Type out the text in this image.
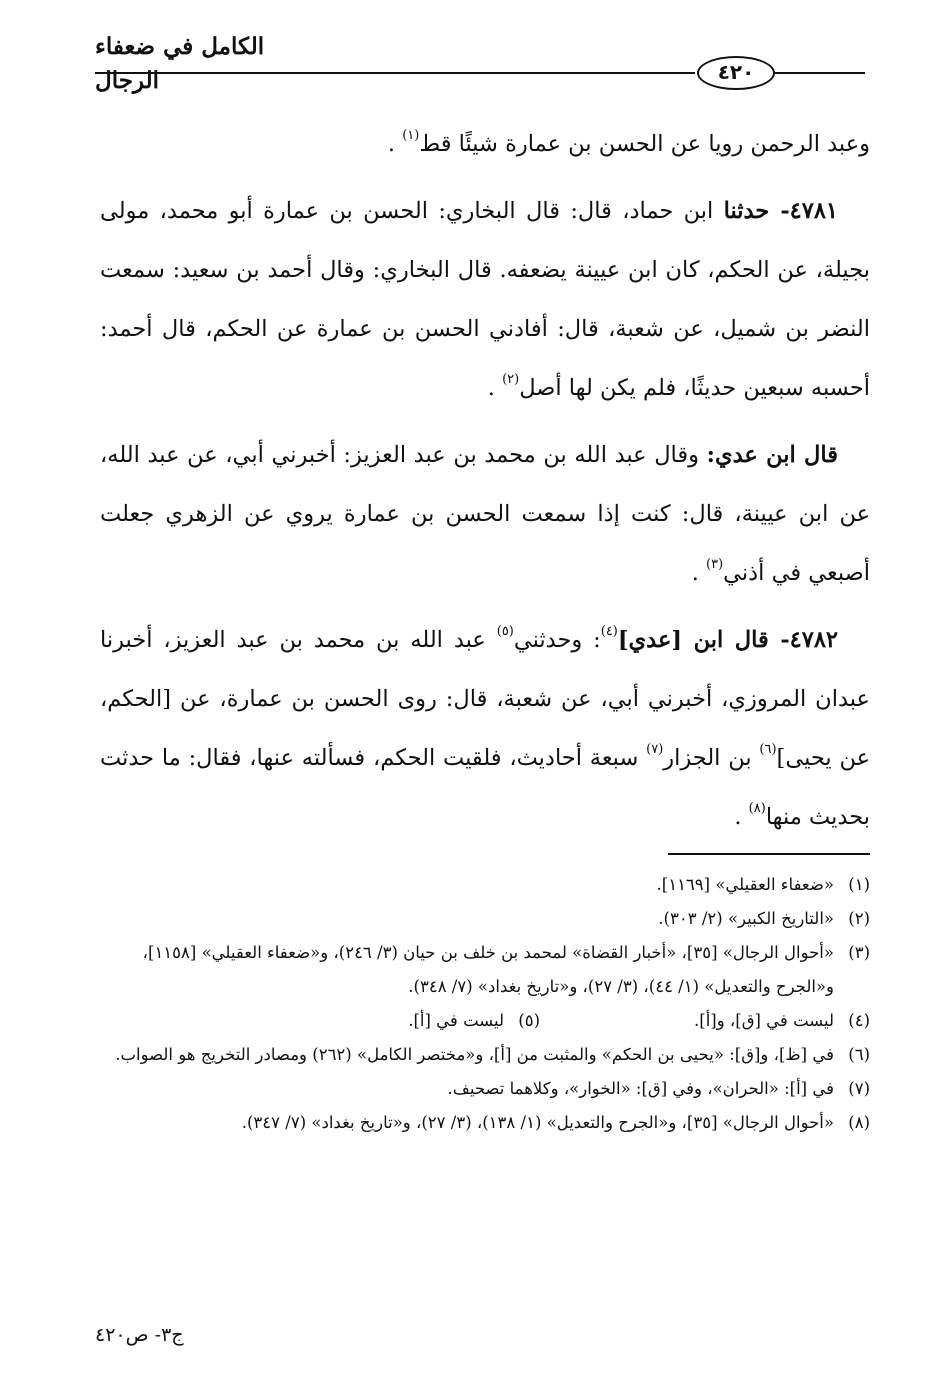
الكامل في ضعفاء الرجال	٤٢٠

وعبد الرحمن رويا عن الحسن بن عمارة شيئًا قط$^{(١)}$ .

٤٧٨١- حدثنا ابن حماد، قال: قال البخاري: الحسن بن عمارة أبو محمد، مولى بجيلة، عن الحكم، كان ابن عيينة يضعفه. قال البخاري: وقال أحمد بن سعيد: سمعت النضر بن شميل، عن شعبة، قال: أفادني الحسن بن عمارة عن الحكم، قال أحمد: أحسبه سبعين حديثًا، فلم يكن لها أصل$^{(٢)}$ .

قال ابن عدي: وقال عبد الله بن محمد بن عبد العزيز: أخبرني أبي، عن عبد الله، عن ابن عيينة، قال: كنت إذا سمعت الحسن بن عمارة يروي عن الزهري جعلت أصبعي في أذني$^{(٣)}$ .

٤٧٨٢- قال ابن [عدي]$^{(٤)}$: وحدثني$^{(٥)}$ عبد الله بن محمد بن عبد العزيز، أخبرنا عبدان المروزي، أخبرني أبي، عن شعبة، قال: روى الحسن بن عمارة، عن [الحكم، عن يحيى]$^{(٦)}$ بن الجزار$^{(٧)}$ سبعة أحاديث، فلقيت الحكم، فسألته عنها، فقال: ما حدثت بحديث منها$^{(٨)}$ .

(١)
«ضعفاء العقيلي» [١١٦٩].
(٢)
«التاريخ الكبير» (٢/ ٣٠٣).
(٣)
«أحوال الرجال» [٣٥]، «أخبار القضاة» لمحمد بن خلف بن حيان (٣/ ٢٤٦)، و«ضعفاء العقيلي» [١١٥٨]، و«الجرح والتعديل» (١/ ٤٤)، (٣/ ٢٧)، و«تاريخ بغداد» (٧/ ٣٤٨).
(٤)
ليست في [ق]، و[أ].
(٥)
ليست في [أ].
(٦)
في [ظ]، و[ق]: «يحيى بن الحكم» والمثبت من [أ]، و«مختصر الكامل» (٢٦٢) ومصادر التخريج هو الصواب.
(٧)
في [أ]: «الحران»، وفي [ق]: «الخوار»، وكلاهما تصحيف.
(٨)
«أحوال الرجال» [٣٥]، و«الجرح والتعديل» (١/ ١٣٨)، (٣/ ٢٧)، و«تاريخ بغداد» (٧/ ٣٤٧).
ج٣- ص٤٢٠
